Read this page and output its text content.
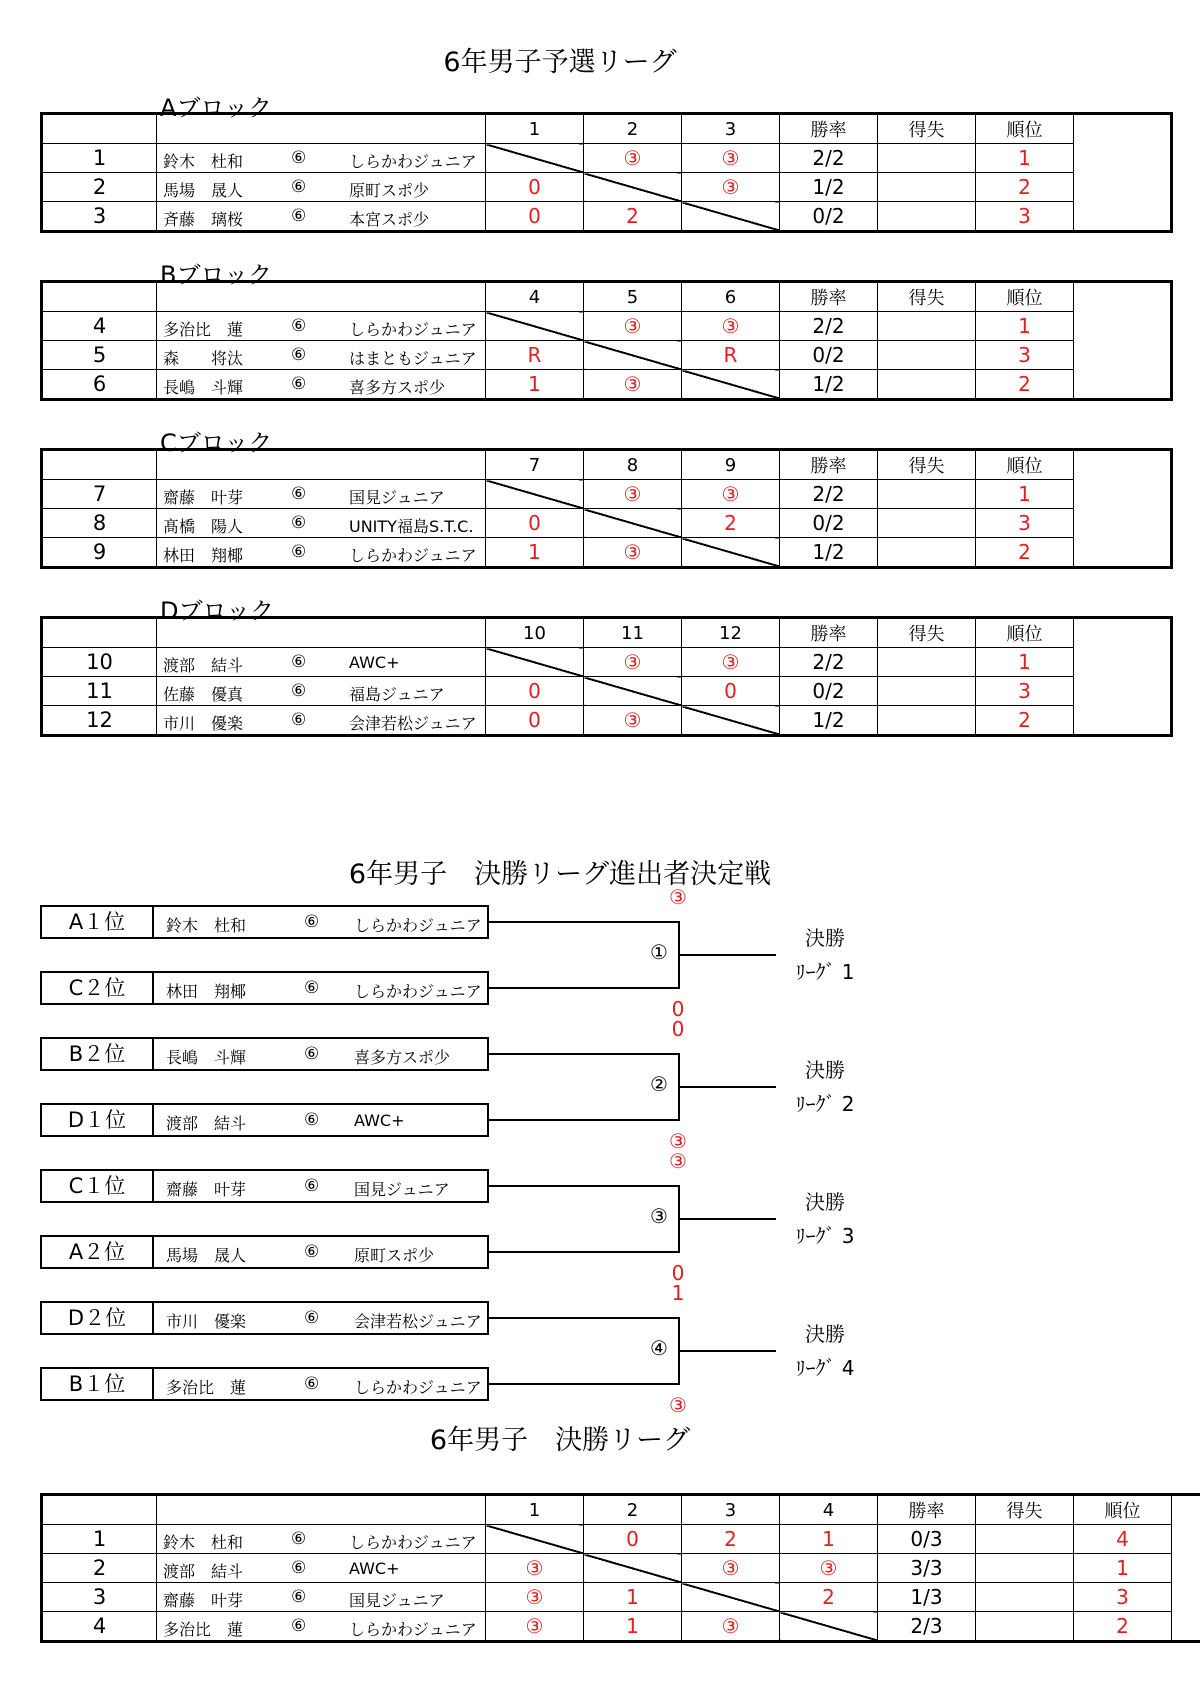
6年男子予選リーグ
Aブロック
		1	2	3	勝率	得失	順位
1	鈴木　杜和 ⑥ しらかわジュニア		③	③	2/2		1
2	馬場　晟人 ⑥ 原町スポ少	0		③	1/2		2
3	斉藤　璃桜 ⑥ 本宮スポ少	0	2		0/2		3
Bブロック
		4	5	6	勝率	得失	順位
4	多治比　蓮 ⑥ しらかわジュニア		③	③	2/2		1
5	森　　将汰 ⑥ はまともジュニア	R		R	0/2		3
6	長嶋　斗輝 ⑥ 喜多方スポ少	1	③		1/2		2
Cブロック
		7	8	9	勝率	得失	順位
7	齋藤　叶芽 ⑥ 国見ジュニア		③	③	2/2		1
8	髙橋　陽人 ⑥ UNITY福島S.T.C.	0		2	0/2		3
9	林田　翔椰 ⑥ しらかわジュニア	1	③		1/2		2
Dブロック
		10	11	12	勝率	得失	順位
10	渡部　結斗 ⑥ AWC+		③	③	2/2		1
11	佐藤　優真 ⑥ 福島ジュニア	0		0	0/2		3
12	市川　優楽 ⑥ 会津若松ジュニア	0	③		1/2		2
6年男子　決勝リーグ進出者決定戦
A１位	鈴木　杜和	⑥ しらかわジュニア
C２位	林田　翔椰	⑥ しらかわジュニア
①
③
0
決勝
ﾘｰｸﾞ 1
B２位	長嶋　斗輝	⑥ 喜多方スポ少
D１位	渡部　結斗	⑥ AWC+
②
0
③
決勝
ﾘｰｸﾞ 2
C１位	齋藤　叶芽	⑥ 国見ジュニア
A２位	馬場　晟人	⑥ 原町スポ少
③
③
0
決勝
ﾘｰｸﾞ 3
D２位	市川　優楽	⑥ 会津若松ジュニア
B１位	多治比　蓮	⑥ しらかわジュニア
④
1
③
決勝
ﾘｰｸﾞ 4
6年男子　決勝リーグ
		1	2	3	4	勝率	得失	順位
1	鈴木　杜和 ⑥ しらかわジュニア		0	2	1	0/3		4
2	渡部　結斗 ⑥ AWC+	③		③	③	3/3		1
3	齋藤　叶芽 ⑥ 国見ジュニア	③	1		2	1/3		3
4	多治比　蓮 ⑥ しらかわジュニア	③	1	③		2/3		2
